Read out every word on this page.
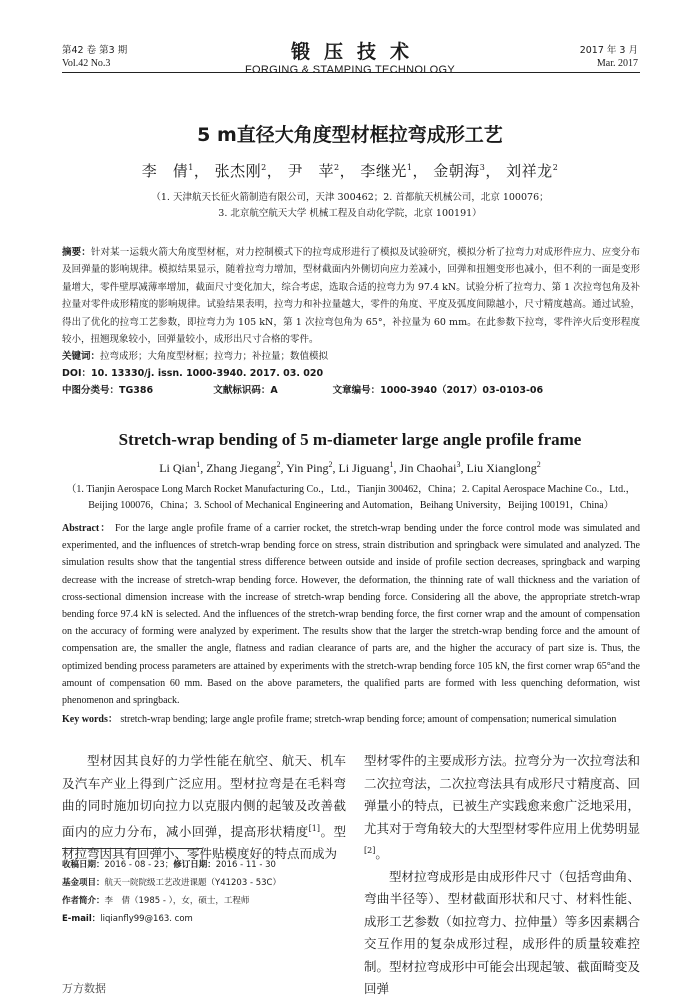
第42 卷 第3 期
Vol.42 No.3
锻压技术
FORGING & STAMPING TECHNOLOGY
2017 年 3 月
Mar. 2017
5 m直径大角度型材框拉弯成形工艺
李　倩$^1$， 张杰刚$^2$， 尹　苹$^2$， 李继光$^1$， 金朝海$^3$， 刘祥龙$^2$
（1. 天津航天长征火箭制造有限公司，天津 300462；2. 首都航天机械公司，北京 100076；
3. 北京航空航天大学 机械工程及自动化学院，北京 100191）
摘要：针对某一运载火箭大角度型材框，对力控制模式下的拉弯成形进行了模拟及试验研究，模拟分析了拉弯力对成形件应力、应变分布及回弹量的影响规律。模拟结果显示，随着拉弯力增加，型材截面内外侧切向应力差减小，回弹和扭翘变形也减小，但不利的一面是变形量增大，零件壁厚减薄率增加，截面尺寸变化加大，综合考虑，选取合适的拉弯力为 97.4 kN。试验分析了拉弯力、第 1 次拉弯包角及补拉量对零件成形精度的影响规律。试验结果表明，拉弯力和补拉量越大，零件的角度、平度及弧度间隙越小，尺寸精度越高。通过试验，得出了优化的拉弯工艺参数，即拉弯力为 105 kN，第 1 次拉弯包角为 65°，补拉量为 60 mm。在此参数下拉弯，零件淬火后变形程度较小，扭翘现象较小，回弹量较小，成形出尺寸合格的零件。
关键词：拉弯成形；大角度型材框；拉弯力；补拉量；数值模拟
DOI：10. 13330/j. issn. 1000-3940. 2017. 03. 020
中图分类号：TG386	文献标识码：A	文章编号：1000-3940（2017）03-0103-06
Stretch-wrap bending of 5 m-diameter large angle profile frame
Li Qian$^1$, Zhang Jiegang$^2$, Yin Ping$^2$, Li Jiguang$^1$, Jin Chaohai$^3$, Liu Xianglong$^2$
（1. Tianjin Aerospace Long March Rocket Manufacturing Co.，Ltd.，Tianjin 300462，China；2. Capital Aerospace Machine Co.，Ltd.，
Beijing 100076，China；3. School of Mechanical Engineering and Automation，Beihang University，Beijing 100191，China）
Abstract： For the large angle profile frame of a carrier rocket, the stretch-wrap bending under the force control mode was simulated and experimented, and the influences of stretch-wrap bending force on stress, strain distribution and springback were simulated and analyzed. The simulation results show that the tangential stress difference between outside and inside of profile section decreases, springback and warping decrease with the increase of stretch-wrap bending force. However, the deformation, the thinning rate of wall thickness and the variation of cross-sectional dimension increase with the increase of stretch-wrap bending force. Considering all the above, the appropriate stretch-wrap bending force 97.4 kN is selected. And the influences of the stretch-wrap bending force, the first corner wrap and the amount of compensation on the accuracy of forming were analyzed by experiment. The results show that the larger the stretch-wrap bending force and the amount of compensation are, the smaller the angle, flatness and radian clearance of parts are, and the higher the accuracy of part size is. Thus, the optimized bending process parameters are attained by experiments with the stretch-wrap bending force 105 kN, the first corner wrap 65°and the amount of compensation 60 mm. Based on the above parameters, the qualified parts are formed with less quenching deformation, wist phenomenon and springback.
Key words： stretch-wrap bending; large angle profile frame; stretch-wrap bending force; amount of compensation; numerical simulation
型材因其良好的力学性能在航空、航天、机车及汽车产业上得到广泛应用。型材拉弯是在毛料弯曲的同时施加切向拉力以克服内侧的起皱及改善截面内的应力分布，减小回弹，提高形状精度[1]。型材拉弯因具有回弹小、零件贴模度好的特点而成为
收稿日期：2016 - 08 - 23；修订日期：2016 - 11 - 30
基金项目：航天一院院级工艺改进课题（Y41203 - 53C）
作者简介：李　倩（1985 - ），女，硕士，工程师
E-mail：liqianfly99@163. com
型材零件的主要成形方法。拉弯分为一次拉弯法和二次拉弯法，二次拉弯法具有成形尺寸精度高、回弹量小的特点，已被生产实践愈来愈广泛地采用，尤其对于弯角较大的大型型材零件应用上优势明显[2]。
型材拉弯成形是由成形件尺寸（包括弯曲角、弯曲半径等）、型材截面形状和尺寸、材料性能、成形工艺参数（如拉弯力、拉伸量）等多因素耦合交互作用的复杂成形过程，成形件的质量较难控制。型材拉弯成形中可能会出现起皱、截面畸变及回弹
万方数据
